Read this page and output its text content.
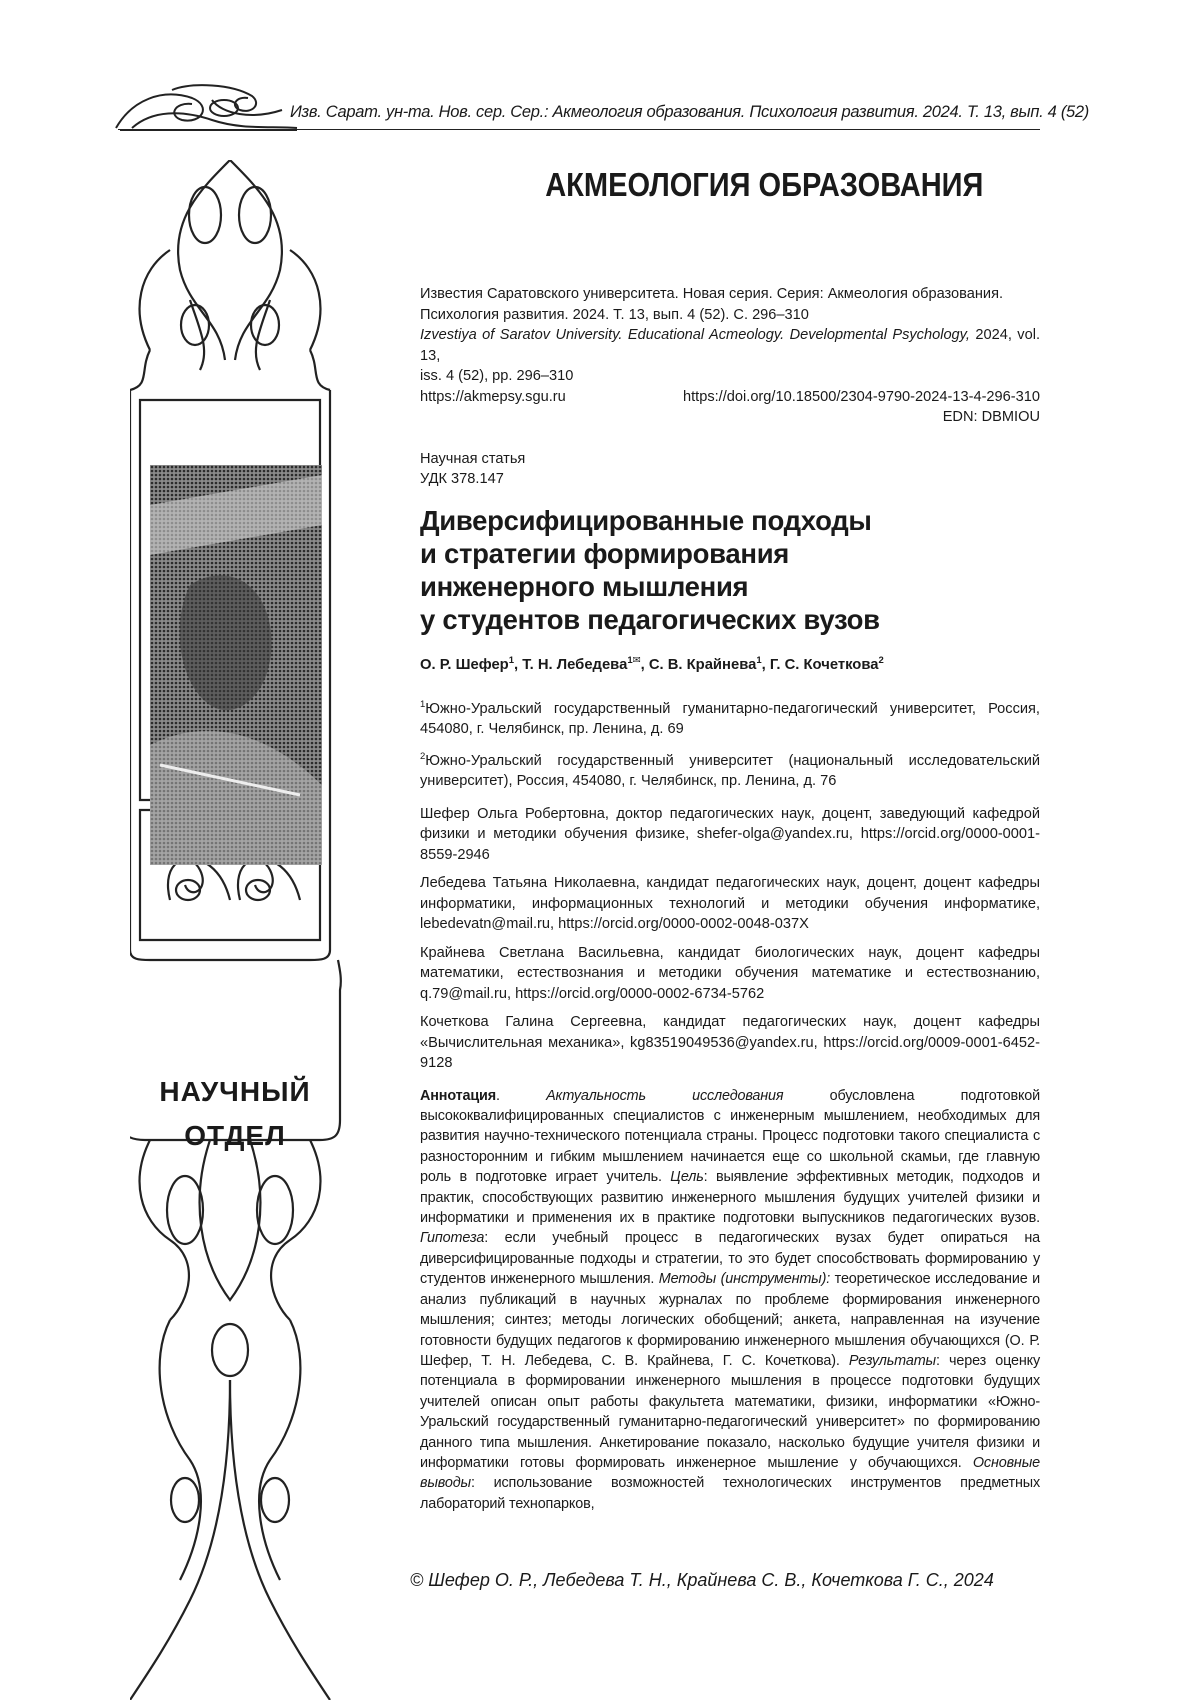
Изв. Сарат. ун-та. Нов. сер. Сер.: Акмеология образования. Психология развития. 2024. Т. 13, вып. 4 (52)
НАУЧНЫЙ
ОТДЕЛ
АКМЕОЛОГИЯ ОБРАЗОВАНИЯ
Известия Саратовского университета. Новая серия. Серия: Акмеология образования.
Психология развития. 2024. Т. 13, вып. 4 (52). С. 296–310
Izvestiya of Saratov University. Educational Acmeology. Developmental Psychology, 2024, vol. 13,
iss. 4 (52), pp. 296–310
https://akmepsy.sgu.ru	https://doi.org/10.18500/2304-9790-2024-13-4-296-310
EDN: DBMIOU
Научная статья
УДК 378.147
Диверсифицированные подходы
и стратегии формирования
инженерного мышления
у студентов педагогических вузов
О. Р. Шефер$^1$, Т. Н. Лебедева$^{1✉}$, С. В. Крайнева$^1$, Г. С. Кочеткова$^2$
$^1$Южно-Уральский государственный гуманитарно-педагогический университет, Россия, 454080, г. Челябинск, пр. Ленина, д. 69
$^2$Южно-Уральский государственный университет (национальный исследовательский университет), Россия, 454080, г. Челябинск, пр. Ленина, д. 76
Шефер Ольга Робертовна, доктор педагогических наук, доцент, заведующий кафедрой физики и методики обучения физике, shefer-olga@yandex.ru, https://orcid.org/0000-0001-8559-2946
Лебедева Татьяна Николаевна, кандидат педагогических наук, доцент, доцент кафедры информатики, информационных технологий и методики обучения информатике, lebedevatn@mail.ru, https://orcid.org/0000-0002-0048-037X
Крайнева Светлана Васильевна, кандидат биологических наук, доцент кафедры математики, естествознания и методики обучения математике и естествознанию, q.79@mail.ru, https://orcid.org/0000-0002-6734-5762
Кочеткова Галина Сергеевна, кандидат педагогических наук, доцент кафедры «Вычислительная механика», kg83519049536@yandex.ru, https://orcid.org/0009-0001-6452-9128
Аннотация. Актуальность исследования обусловлена подготовкой высококвалифицированных специалистов с инженерным мышлением, необходимых для развития научно-технического потенциала страны. Процесс подготовки такого специалиста с разносторонним и гибким мышлением начинается еще со школьной скамьи, где главную роль в подготовке играет учитель. Цель: выявление эффективных методик, подходов и практик, способствующих развитию инженерного мышления будущих учителей физики и информатики и применения их в практике подготовки выпускников педагогических вузов. Гипотеза: если учебный процесс в педагогических вузах будет опираться на диверсифицированные подходы и стратегии, то это будет способствовать формированию у студентов инженерного мышления. Методы (инструменты): теоретическое исследование и анализ публикаций в научных журналах по проблеме формирования инженерного мышления; синтез; методы логических обобщений; анкета, направленная на изучение готовности будущих педагогов к формированию инженерного мышления обучающихся (О. Р. Шефер, Т. Н. Лебедева, С. В. Крайнева, Г. С. Кочеткова). Результаты: через оценку потенциала в формировании инженерного мышления в процессе подготовки будущих учителей описан опыт работы факультета математики, физики, информатики «Южно-Уральский государственный гуманитарно-педагогический университет» по формированию данного типа мышления. Анкетирование показало, насколько будущие учителя физики и информатики готовы формировать инженерное мышление у обучающихся. Основные выводы: использование возможностей технологических инструментов предметных лабораторий технопарков,
© Шефер О. Р., Лебедева Т. Н., Крайнева С. В., Кочеткова Г. С., 2024
